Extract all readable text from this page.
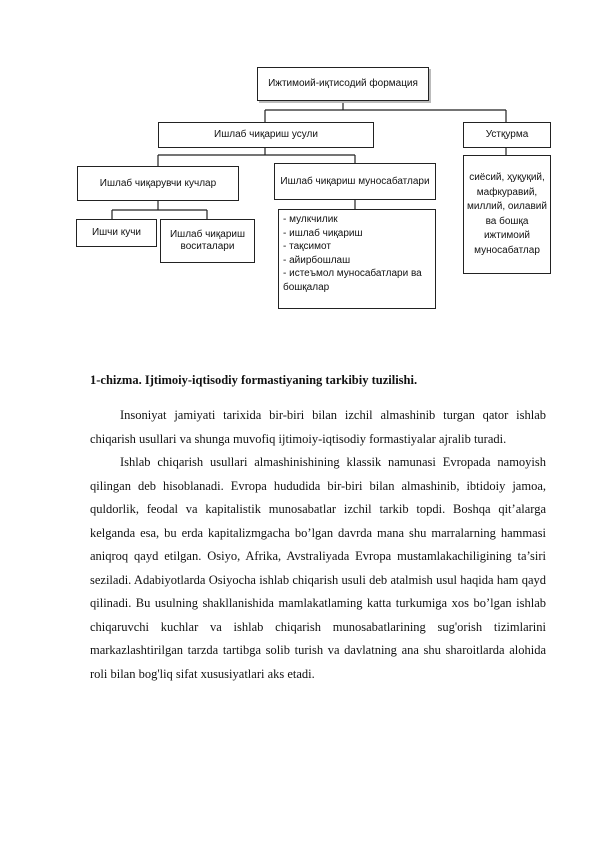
Ижтимоий-иқтисодий формация
Ишлаб чиқариш усули	Устқурма
Ишлаб чиқарувчи кучлар	Ишлаб чиқариш муносабатлари	сиёсий, ҳуқуқий, мафкуравий, миллий, оилавий ва бошқа ижтимоий муносабатлар
Ишчи кучи	Ишлаб чиқариш воситалари
- мулкчилик
- ишлаб чиқариш
- тақсимот
- айирбошлаш
- истеъмол муносабатлари ва бошқалар
1-chizma. Ijtimoiy-iqtisodiy formastiyaning tarkibiy tuzilishi.

Insoniyat jamiyati tarixida bir-biri bilan izchil almashinib turgan qator ishlab chiqarish usullari va shunga muvofiq ijtimoiy-iqtisodiy formastiyalar ajralib turadi.

Ishlab chiqarish usullari almashinishining klassik namunasi Evropada namoyish qilingan deb hisoblanadi. Evropa hududida bir-biri bilan almashinib, ibtidoiy jamoa, quldorlik, feodal va kapitalistik munosabatlar izchil tarkib topdi. Boshqa qit’alarga kelganda esa, bu erda kapitalizmgacha bo’lgan davrda mana shu marralarning hammasi aniqroq qayd etilgan. Osiyo, Afrika, Avstraliyada Evropa mustamlakachiligining ta’siri seziladi. Adabiyotlarda Osiyocha ishlab chiqarish usuli deb atalmish usul haqida ham qayd qilinadi. Bu usulning shakllanishida mamlakatlaming katta turkumiga xos bo’lgan ishlab chiqaruvchi kuchlar va ishlab chiqarish munosabatlarining sug'orish tizimlarini markazlashtirilgan tarzda tartibga solib turish va davlatning ana shu sharoitlarda alohida roli bilan bog'liq sifat xususiyatlari aks etadi.
